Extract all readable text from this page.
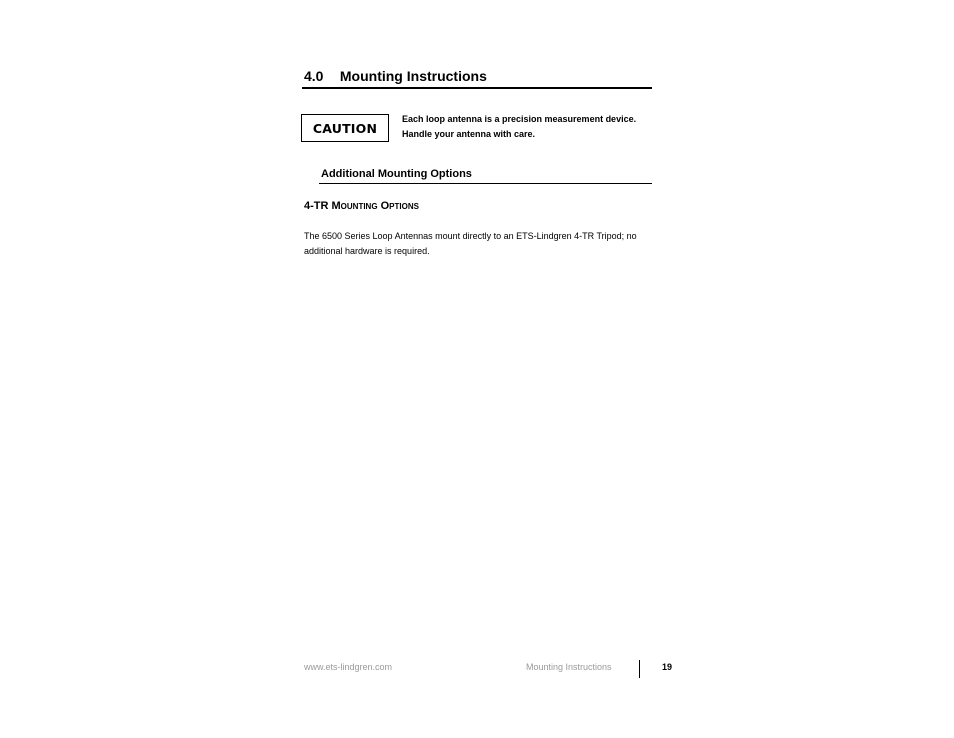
4.0 Mounting Instructions
CAUTION
Each loop antenna is a precision measurement device. Handle your antenna with care.
Additional Mounting Options
4-TR Mounting Options
The 6500 Series Loop Antennas mount directly to an ETS-Lindgren 4-TR Tripod; no additional hardware is required.
www.ets-lindgren.com	Mounting Instructions	19
